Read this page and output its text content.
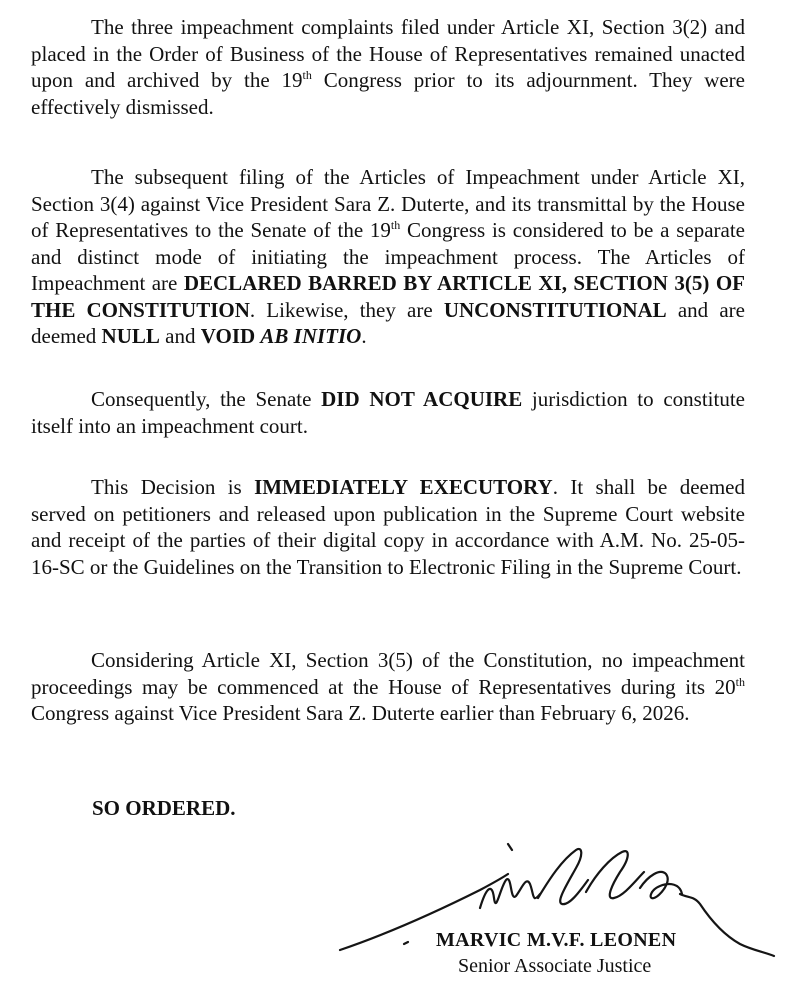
The three impeachment complaints filed under Article XI, Section 3(2) and placed in the Order of Business of the House of Representatives remained unacted upon and archived by the 19th Congress prior to its adjournment. They were effectively dismissed.

The subsequent filing of the Articles of Impeachment under Article XI, Section 3(4) against Vice President Sara Z. Duterte, and its transmittal by the House of Representatives to the Senate of the 19th Congress is considered to be a separate and distinct mode of initiating the impeachment process. The Articles of Impeachment are DECLARED BARRED BY ARTICLE XI, SECTION 3(5) OF THE CONSTITUTION. Likewise, they are UNCONSTITUTIONAL and are deemed NULL and VOID AB INITIO.

Consequently, the Senate DID NOT ACQUIRE jurisdiction to constitute itself into an impeachment court.

This Decision is IMMEDIATELY EXECUTORY. It shall be deemed served on petitioners and released upon publication in the Supreme Court website and receipt of the parties of their digital copy in accordance with A.M. No. 25-05-16-SC or the Guidelines on the Transition to Electronic Filing in the Supreme Court.

Considering Article XI, Section 3(5) of the Constitution, no impeachment proceedings may be commenced at the House of Representatives during its 20th Congress against Vice President Sara Z. Duterte earlier than February 6, 2026.

SO ORDERED.

MARVIC M.V.F. LEONEN

Senior Associate Justice
